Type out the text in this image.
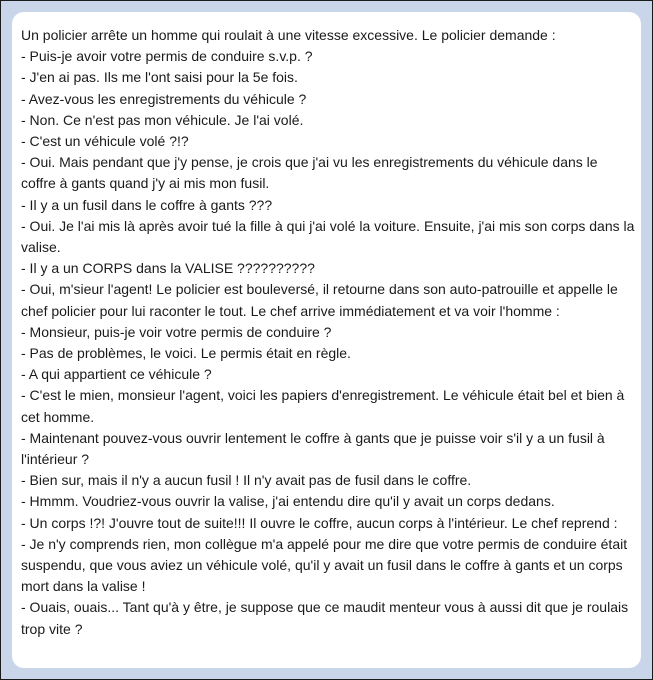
Un policier arrête un homme qui roulait à une vitesse excessive. Le policier demande :

- Puis-je avoir votre permis de conduire s.v.p. ?

- J'en ai pas. Ils me l'ont saisi pour la 5e fois.

- Avez-vous les enregistrements du véhicule ?

- Non. Ce n'est pas mon véhicule. Je l'ai volé.

- C'est un véhicule volé ?!?

- Oui. Mais pendant que j'y pense, je crois que j'ai vu les enregistrements du véhicule dans le coffre à gants quand j'y ai mis mon fusil.

- Il y a un fusil dans le coffre à gants ???

- Oui. Je l'ai mis là après avoir tué la fille à qui j'ai volé la voiture. Ensuite, j'ai mis son corps dans la valise.

- Il y a un CORPS dans la VALISE ??????????

- Oui, m'sieur l'agent! Le policier est bouleversé, il retourne dans son auto-patrouille et appelle le chef policier pour lui raconter le tout. Le chef arrive immédiatement et va voir l'homme :

- Monsieur, puis-je voir votre permis de conduire ?

- Pas de problèmes, le voici. Le permis était en règle.

- A qui appartient ce véhicule ?

- C'est le mien, monsieur l'agent, voici les papiers d'enregistrement. Le véhicule était bel et bien à cet homme.

- Maintenant pouvez-vous ouvrir lentement le coffre à gants que je puisse voir s'il y a un fusil à l'intérieur ?

- Bien sur, mais il n'y a aucun fusil ! Il n'y avait pas de fusil dans le coffre.

- Hmmm. Voudriez-vous ouvrir la valise, j'ai entendu dire qu'il y avait un corps dedans.

- Un corps !?! J'ouvre tout de suite!!! Il ouvre le coffre, aucun corps à l'intérieur. Le chef reprend :

- Je n'y comprends rien, mon collègue m'a appelé pour me dire que votre permis de conduire était suspendu, que vous aviez un véhicule volé, qu'il y avait un fusil dans le coffre à gants et un corps mort dans la valise !

- Ouais, ouais... Tant qu'à y être, je suppose que ce maudit menteur vous à aussi dit que je roulais trop vite ?
